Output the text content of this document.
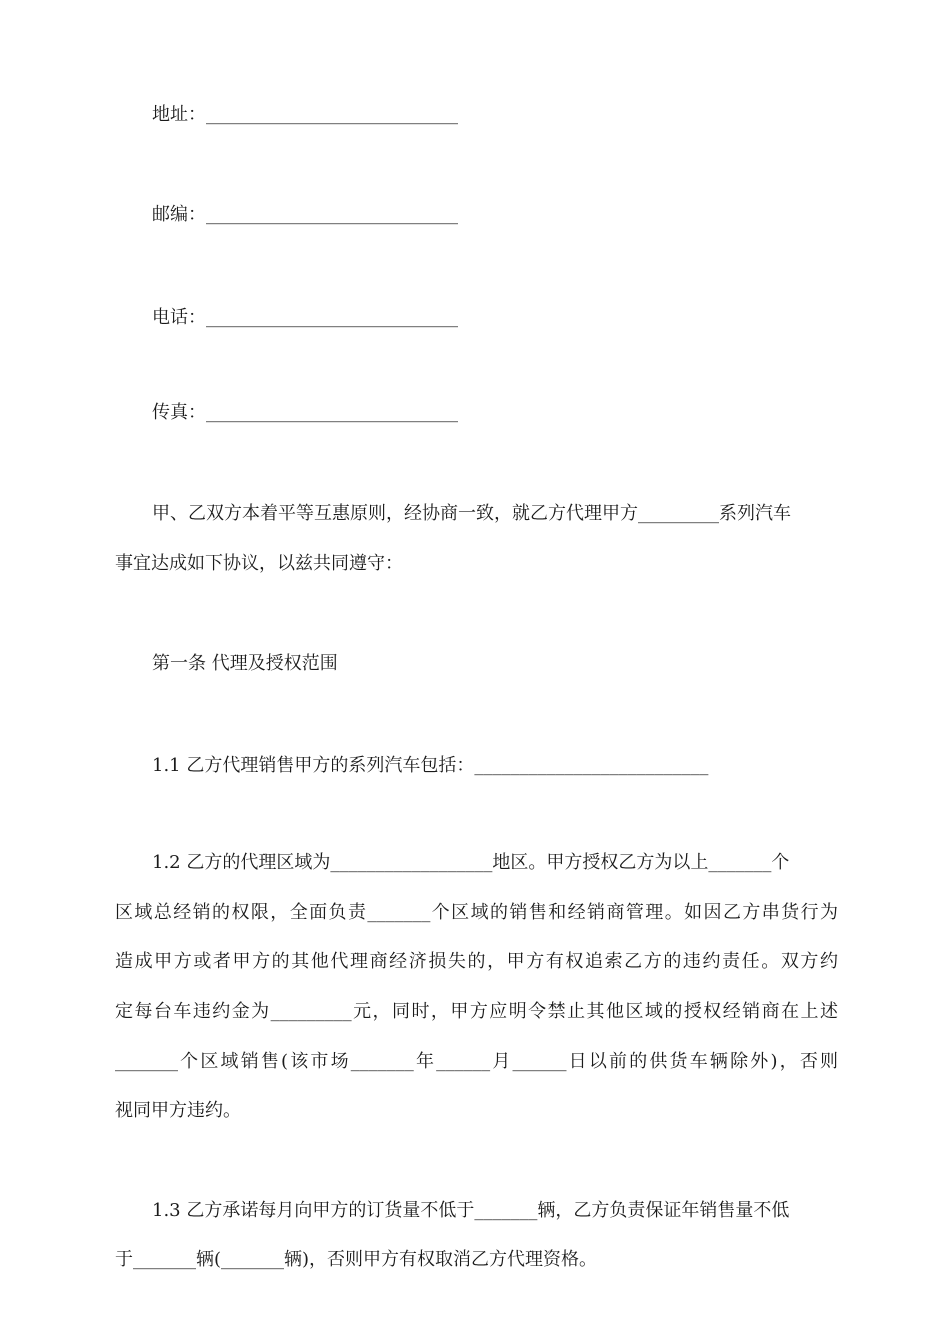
地址：____________________________
邮编：____________________________
电话：____________________________
传真：____________________________
甲、乙双方本着平等互惠原则，经协商一致，就乙方代理甲方_________系列汽车
事宜达成如下协议，以兹共同遵守：
第一条 代理及授权范围
1.1 乙方代理销售甲方的系列汽车包括：__________________________
1.2 乙方的代理区域为__________________地区。甲方授权乙方为以上_______个
区域总经销的权限，全面负责_______个区域的销售和经销商管理。如因乙方串货行为
造成甲方或者甲方的其他代理商经济损失的，甲方有权追索乙方的违约责任。双方约
定每台车违约金为_________元，同时，甲方应明令禁止其他区域的授权经销商在上述
_______个区域销售(该市场_______年______月______日以前的供货车辆除外)，否则
视同甲方违约。
1.3 乙方承诺每月向甲方的订货量不低于_______辆，乙方负责保证年销售量不低
于_______辆(_______辆)，否则甲方有权取消乙方代理资格。
